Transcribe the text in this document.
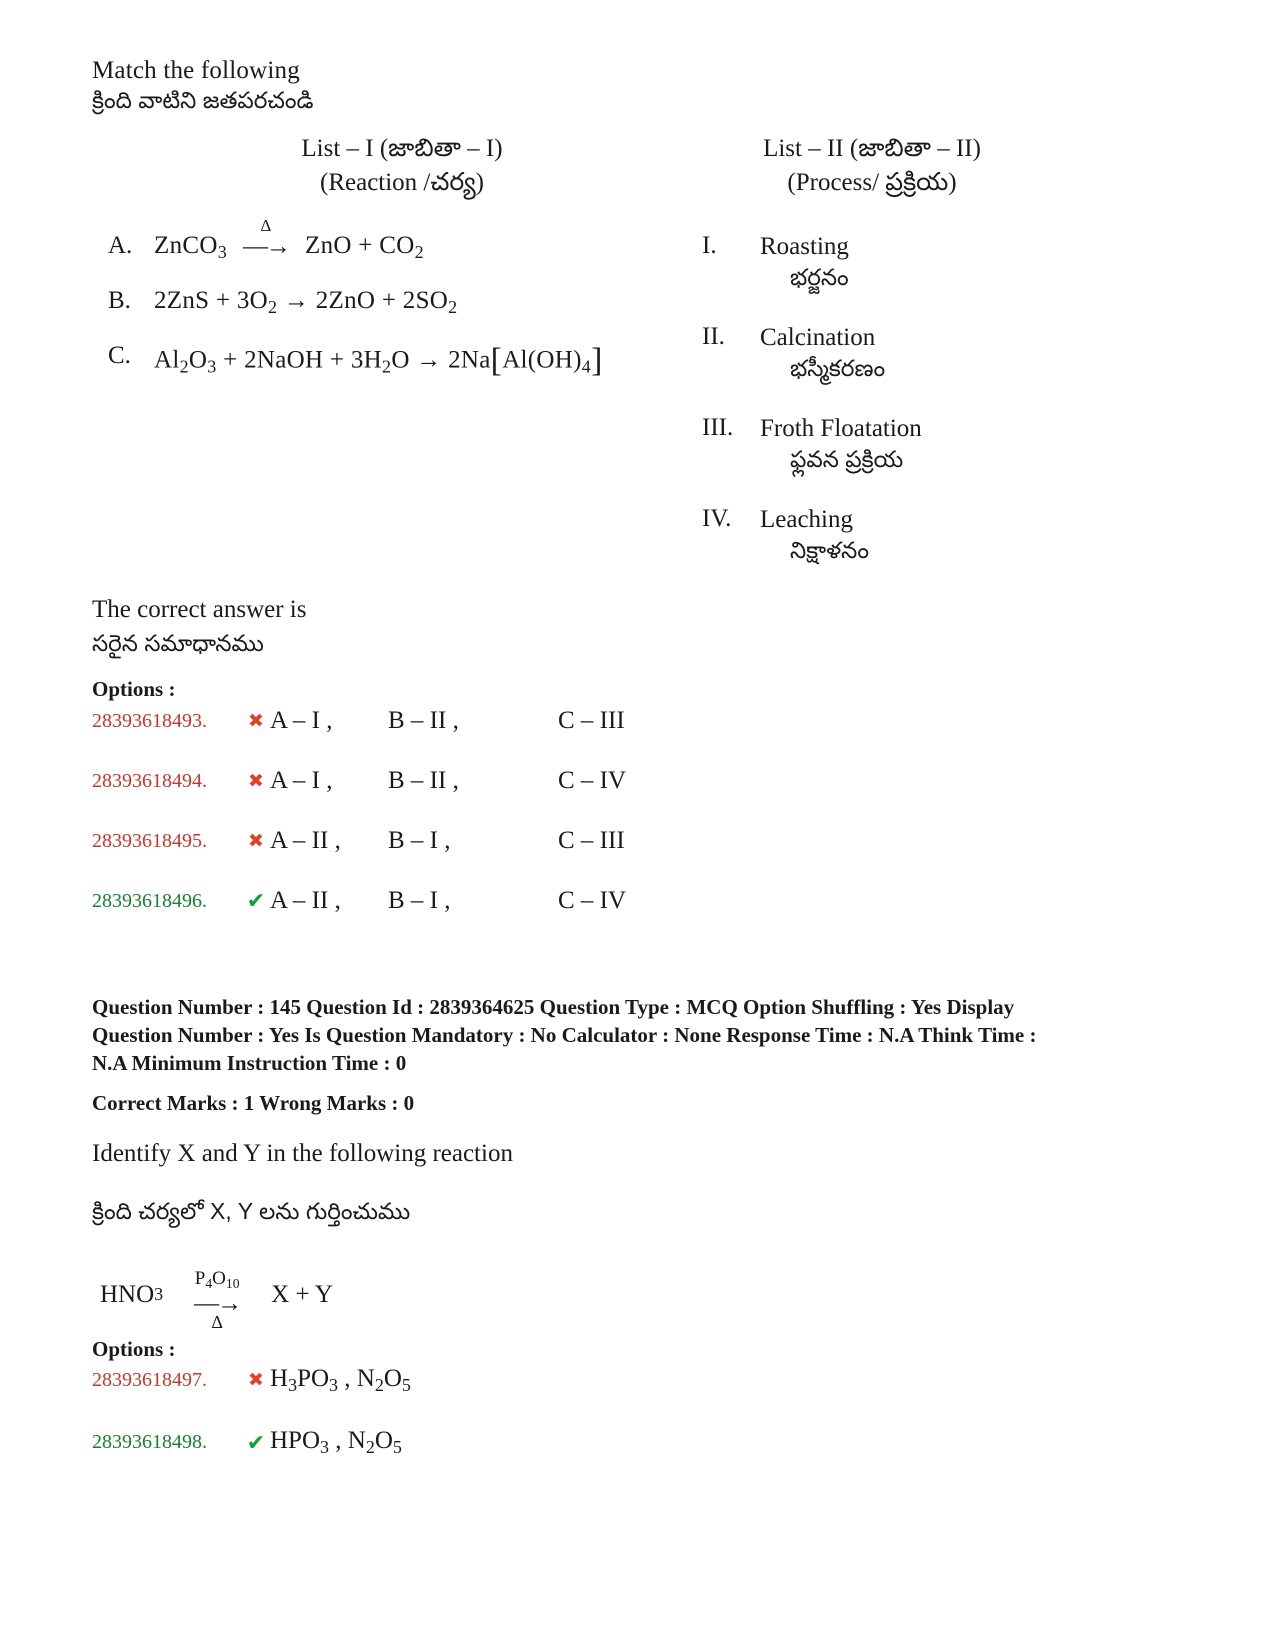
Match the following
క్రింది వాటిని జతపరచండి
List – I (జాబితా – I)
(Reaction /చర్య)
List – II (జాబితా – II)
(Process/ ప్రక్రియ)
A. ZnCO$_3$
Δ
—→ ZnO + $CO_2$
B. $2ZnS + 3O_2 \to 2ZnO + 2SO_2$
C. $Al_2O_3$ + 2NaOH + $3H_2O \to 2Na[Al(OH)_4]$
I.	Roasting
భర్జనం
II.	Calcination
భస్మీకరణం
III.	Froth Floatation
ఫ్లవన ప్రక్రియ
IV.	Leaching
నిక్షాళనం
The correct answer is
సరైన సమాధానము
Options :
28393618493.	✖ A – I ,	B – II ,	C – III
28393618494.	✖ A – I ,	B – II ,	C – IV
28393618495.	✖ A – II ,	B – I ,	C – III
28393618496.	✔ A – II ,	B – I ,	C – IV

Question Number : 145 Question Id : 2839364625 Question Type : MCQ Option Shuffling : Yes Display

Question Number : Yes Is Question Mandatory : No Calculator : None Response Time : N.A Think Time :

N.A Minimum Instruction Time : 0

Correct Marks : 1 Wrong Marks : 0

Identify X and Y in the following reaction
క్రింది చర్యలో X, Y లను గుర్తించుము
HNO 3
$P_4O_{10}$
—→
Δ
X + Y
Options :
28393618497.	✖ $H_3PO_3$ , $N_2O_5$
28393618498.	✔ $HPO_3$ , $N_2O_5$
